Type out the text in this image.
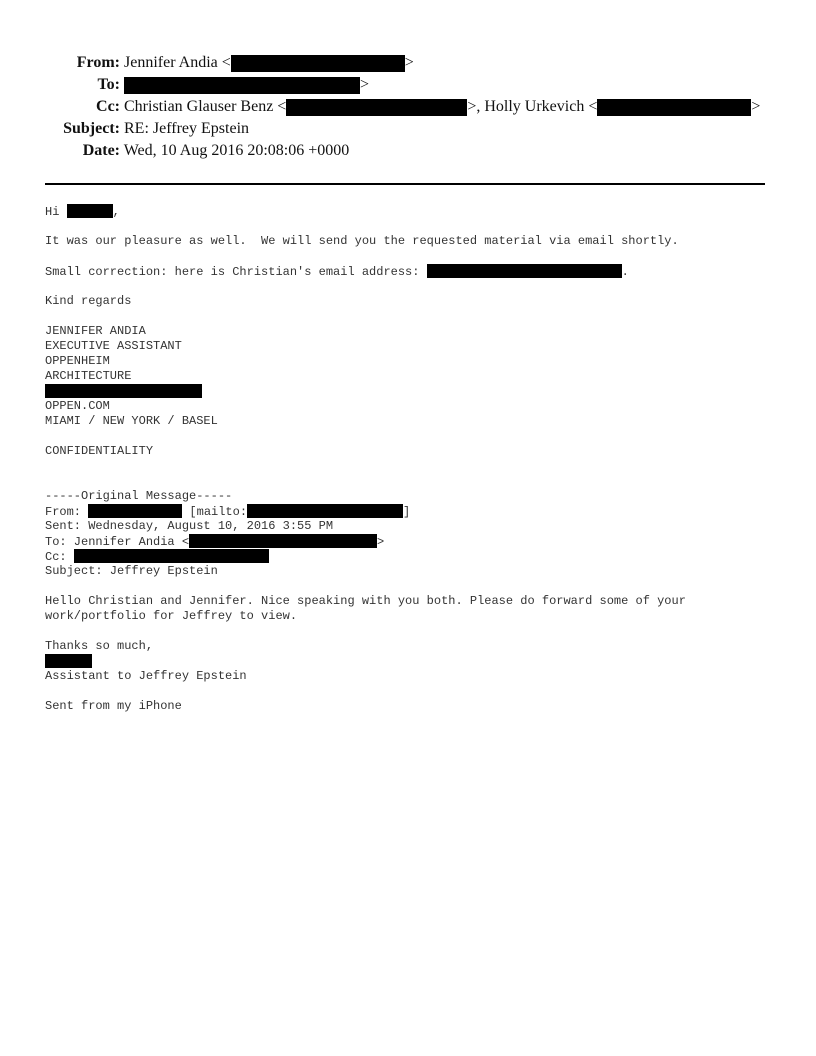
From: Jennifer Andia <	>
To:	>
Cc: Christian Glauser Benz <	>, Holly Urkevich <	>
Subject: RE: Jeffrey Epstein
Date: Wed, 10 Aug 2016 20:08:06 +0000
Hi	,
It was our pleasure as well.  We will send you the requested material via email shortly.
Small correction: here is Christian's email address:	.
Kind regards
JENNIFER ANDIA
EXECUTIVE ASSISTANT
OPPENHEIM
ARCHITECTURE
OPPEN.COM
MIAMI / NEW YORK / BASEL
CONFIDENTIALITY
-----Original Message-----
From:	[mailto:	]
Sent: Wednesday, August 10, 2016 3:55 PM
To: Jennifer Andia <	>
Cc:
Subject: Jeffrey Epstein
Hello Christian and Jennifer. Nice speaking with you both. Please do forward some of your
work/portfolio for Jeffrey to view.
Thanks so much,
Assistant to Jeffrey Epstein
Sent from my iPhone
